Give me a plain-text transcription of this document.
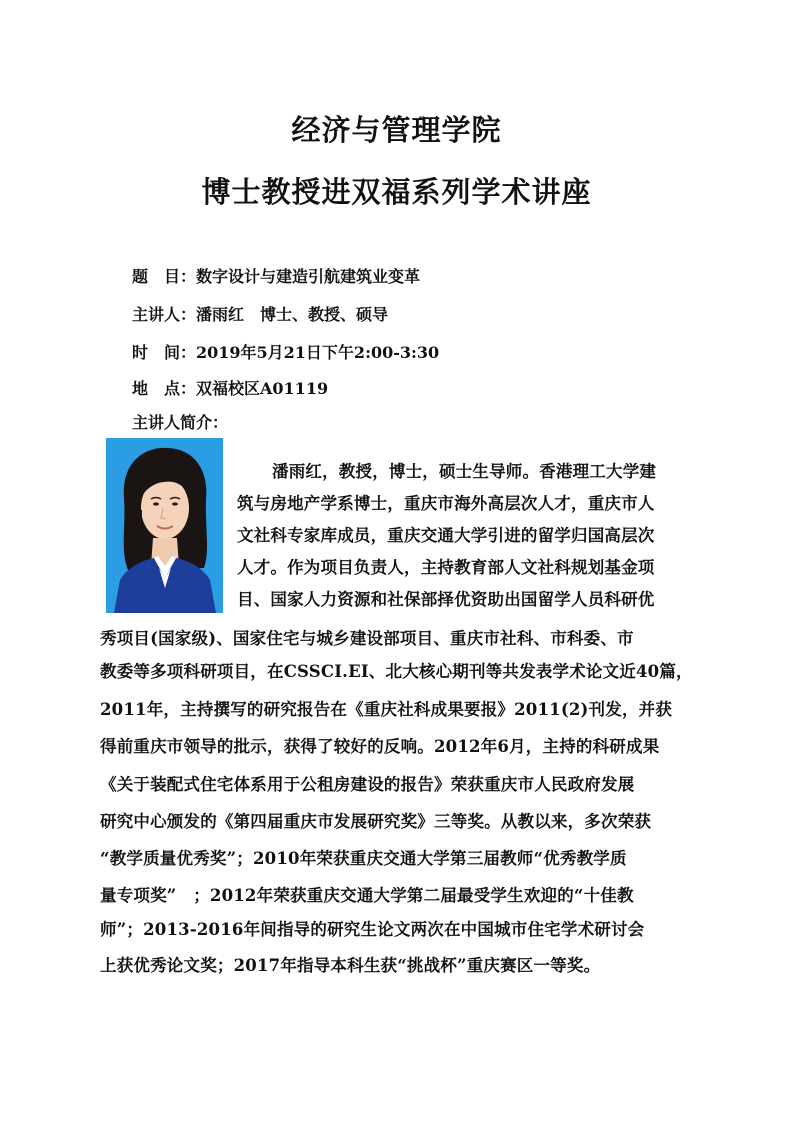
经济与管理学院
博士教授进双福系列学术讲座

题　目：数字设计与建造引航建筑业变革

主讲人：潘雨红　博士、教授、硕导

时　间：2019年5月21日下午2:00-3:30

地　点：双福校区A01119

主讲人简介：

潘雨红，教授，博士，硕士生导师。香港理工大学建

筑与房地产学系博士，重庆市海外高层次人才，重庆市人

文社科专家库成员，重庆交通大学引进的留学归国高层次

人才。作为项目负责人，主持教育部人文社科规划基金项

目、国家人力资源和社保部择优资助出国留学人员科研优

秀项目(国家级)、国家住宅与城乡建设部项目、重庆市社科、市科委、市

教委等多项科研项目，在CSSCI.EI、北大核心期刊等共发表学术论文近40篇，

2011年，主持撰写的研究报告在《重庆社科成果要报》2011(2)刊发，并获

得前重庆市领导的批示，获得了较好的反响。2012年6月，主持的科研成果

《关于装配式住宅体系用于公租房建设的报告》荣获重庆市人民政府发展

研究中心颁发的《第四届重庆市发展研究奖》三等奖。从教以来，多次荣获

“教学质量优秀奖”；2010年荣获重庆交通大学第三届教师“优秀教学质

量专项奖”　；2012年荣获重庆交通大学第二届最受学生欢迎的“十佳教

师”；2013-2016年间指导的研究生论文两次在中国城市住宅学术研讨会

上获优秀论文奖；2017年指导本科生获“挑战杯”重庆赛区一等奖。
